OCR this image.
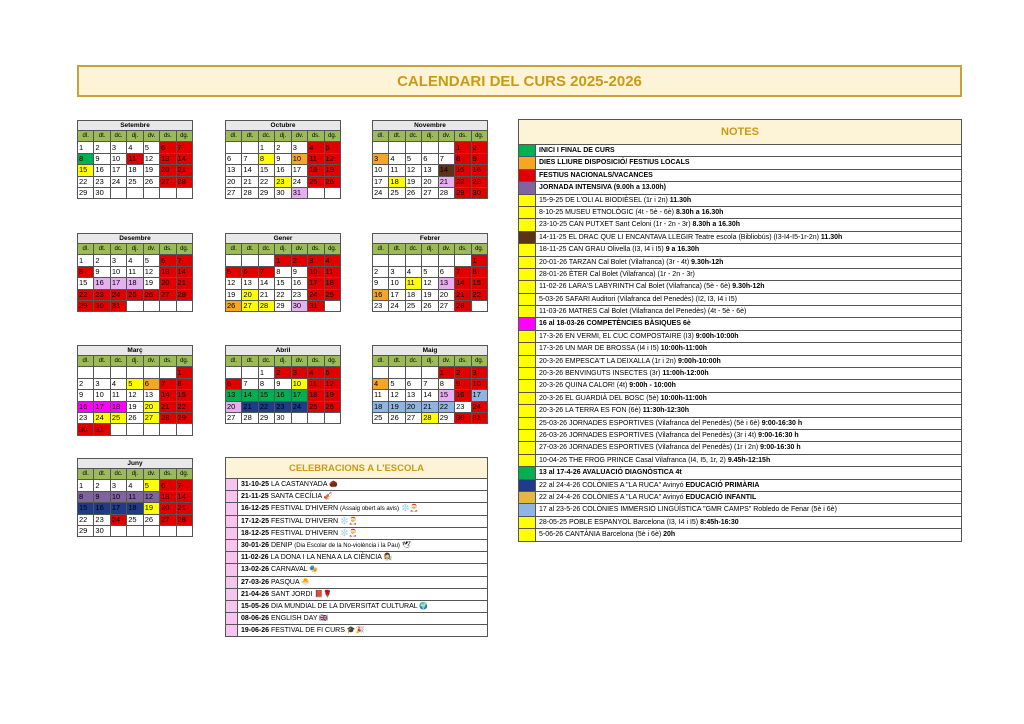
CALENDARI DEL CURS 2025-2026
Setembre
dl.	dt.	dc.	dj.	dv.	ds.	dg.
1	2	3	4	5	6	7
8	9	10	11	12	13	14
15	16	17	18	19	20	21
22	23	24	25	26	27	28
29	30					
Octubre
dl.	dt.	dc.	dj.	dv.	ds.	dg.
		1	2	3	4	5
6	7	8	9	10	11	12
13	14	15	16	17	18	19
20	21	22	23	24	25	26
27	28	29	30	31		
Novembre
dl.	dt.	dc.	dj.	dv.	ds.	dg.
					1	2
3	4	5	6	7	8	9
10	11	12	13	14	15	16
17	18	19	20	21	22	23
24	25	26	27	28	29	30
Desembre
dl.	dt.	dc.	dj.	dv.	ds.	dg.
1	2	3	4	5	6	7
8	9	10	11	12	13	14
15	16	17	18	19	20	21
22	23	24	25	26	27	28
29	30	31				
Gener
dl.	dt.	dc.	dj.	dv.	ds.	dg.
			1	2	3	4
5	6	7	8	9	10	11
12	13	14	15	16	17	18
19	20	21	22	23	24	25
26	27	28	29	30	31	
Febrer
dl.	dt.	dc.	dj.	dv.	ds.	dg.
						1
2	3	4	5	6	7	8
9	10	11	12	13	14	15
16	17	18	19	20	21	22
23	24	25	26	27	28	
Març
dl.	dt.	dc.	dj.	dv.	ds.	dg.
						1
2	3	4	5	6	7	8
9	10	11	12	13	14	15
16	17	18	19	20	21	22
23	24	25	26	27	28	29
30	31					
Abril
dl.	dt.	dc.	dj.	dv.	ds.	dg.
		1	2	3	4	5
6	7	8	9	10	11	12
13	14	15	16	17	18	19
20	21	22	23	24	25	26
27	28	29	30			
Maig
dl.	dt.	dc.	dj.	dv.	ds.	dg.
				1	2	3
4	5	6	7	8	9	10
11	12	13	14	15	16	17
18	19	20	21	22	23	24
25	26	27	28	29	30	31
Juny
dl.	dt.	dc.	dj.	dv.	ds.	dg.
1	2	3	4	5	6	7
8	9	10	11	12	13	14
15	16	17	18	19	20	21
22	23	24	25	26	27	28
29	30					
CELEBRACIONS A L'ESCOLA
31-10-25 LA CASTANYADA 🌰
21-11-25 SANTA CECÍLIA 🎻
16-12-25 FESTIVAL D'HIVERN (Assaig obert als avis) ❄️🎅
17-12-25 FESTIVAL D'HIVERN ❄️🎅
18-12-25 FESTIVAL D'HIVERN ❄️🎅
30-01-26 DENIP (Dia Escolar de la No-violència i la Pau) 🕊
11-02-26 LA DONA I LA NENA A LA CIÈNCIA 👩‍🔬
13-02-26 CARNAVAL 🎭
27-03-26 PASQUA 🐣
21-04-26 SANT JORDI 📕🌹
15-05-26 DIA MUNDIAL DE LA DIVERSITAT CULTURAL 🌍
08-06-26 ENGLISH DAY 🇬🇧
19-06-26 FESTIVAL DE FI CURS 🎓🎉
NOTES
INICI I FINAL DE CURS
DIES LLIURE DISPOSICIÓ/ FESTIUS LOCALS
FESTIUS NACIONALS/VACANCES
JORNADA INTENSIVA (9.00h a 13.00h)
15-9-25 DE L'OLI AL BIODIÈSEL (1r i 2n) 11.30h
8-10-25 MUSEU ETNOLÒGIC (4t - 5è - 6è) 8.30h a 16.30h
23-10-25 CAN PUTXET Sant Celoni (1r - 2n - 3r) 8.30h a 16.30h
14-11-25 EL DRAC QUE LI ENCANTAVA LLEGIR Teatre escola (Bibliobús) (I3-I4-I5-1r-2n) 11.30h
18-11-25 CAN GRAU Olivella (I3, I4 i I5) 9 a 16.30h
20-01-26 TARZAN Cal Bolet (Vilafranca) (3r - 4t) 9.30h-12h
28-01-26 ÈTER Cal Bolet (Vilafranca) (1r - 2n - 3r)
11-02-26 LARA'S LABYRINTH Cal Bolet (Vilafranca) (5è - 6è) 9.30h-12h
5-03-26 SAFARI Auditori (Vilafranca del Penedès) (I2, I3, I4 i I5)
11-03-26 MATRES Cal Bolet (Vilafranca del Penedès) (4t - 5è - 6è)
16 al 18-03-26 COMPETÈNCIES BÀSIQUES 6è
17-3-26 EN VERMI, EL CUC COMPOSTAIRE (I3) 9:00h-10:00h
17-3-26 UN MAR DE BROSSA (I4 i I5) 10:00h-11:00h
20-3-26 EMPESCA'T LA DEIXALLA (1r i 2n) 9:00h-10:00h
20-3-26 BENVINGUTS INSECTES (3r) 11:00h-12:00h
20-3-26 QUINA CALOR! (4t) 9:00h - 10:00h
20-3-26 EL GUARDIÀ DEL BOSC (5è) 10:00h-11:00h
20-3-26 LA TERRA ES FON (6è) 11:30h-12:30h
25-03-26 JORNADES ESPORTIVES (Vilafranca del Penedès) (5è i 6è) 9:00-16:30 h
26-03-26 JORNADES ESPORTIVES (Vilafranca del Penedès) (3r i 4t) 9:00-16:30 h
27-03-26 JORNADES ESPORTIVES (Vilafranca del Penedès) (1r i 2n) 9:00-16:30 h
10-04-26 THE FROG PRINCE Casal Vilafranca (I4, I5, 1r, 2) 9.45h-12:15h
13 al 17-4-26 AVALUACIÓ DIAGNÒSTICA 4t
22 al 24-4-26 COLÒNIES A "LA RUCA" Avinyó EDUCACIÓ PRIMÀRIA
22 al 24-4-26 COLÒNIES A "LA RUCA" Avinyó EDUCACIÓ INFANTIL
17 al 23-5-26 COLÒNIES IMMERSIÓ LINGÜÍSTICA "GMR CAMPS" Robledo de Fenar (5è i 6è)
28-05-25 POBLE ESPANYOL Barcelona (I3, I4 i I5) 8:45h-16:30
5-06-26 CANTÀNIA Barcelona (5è i 6è) 20h
